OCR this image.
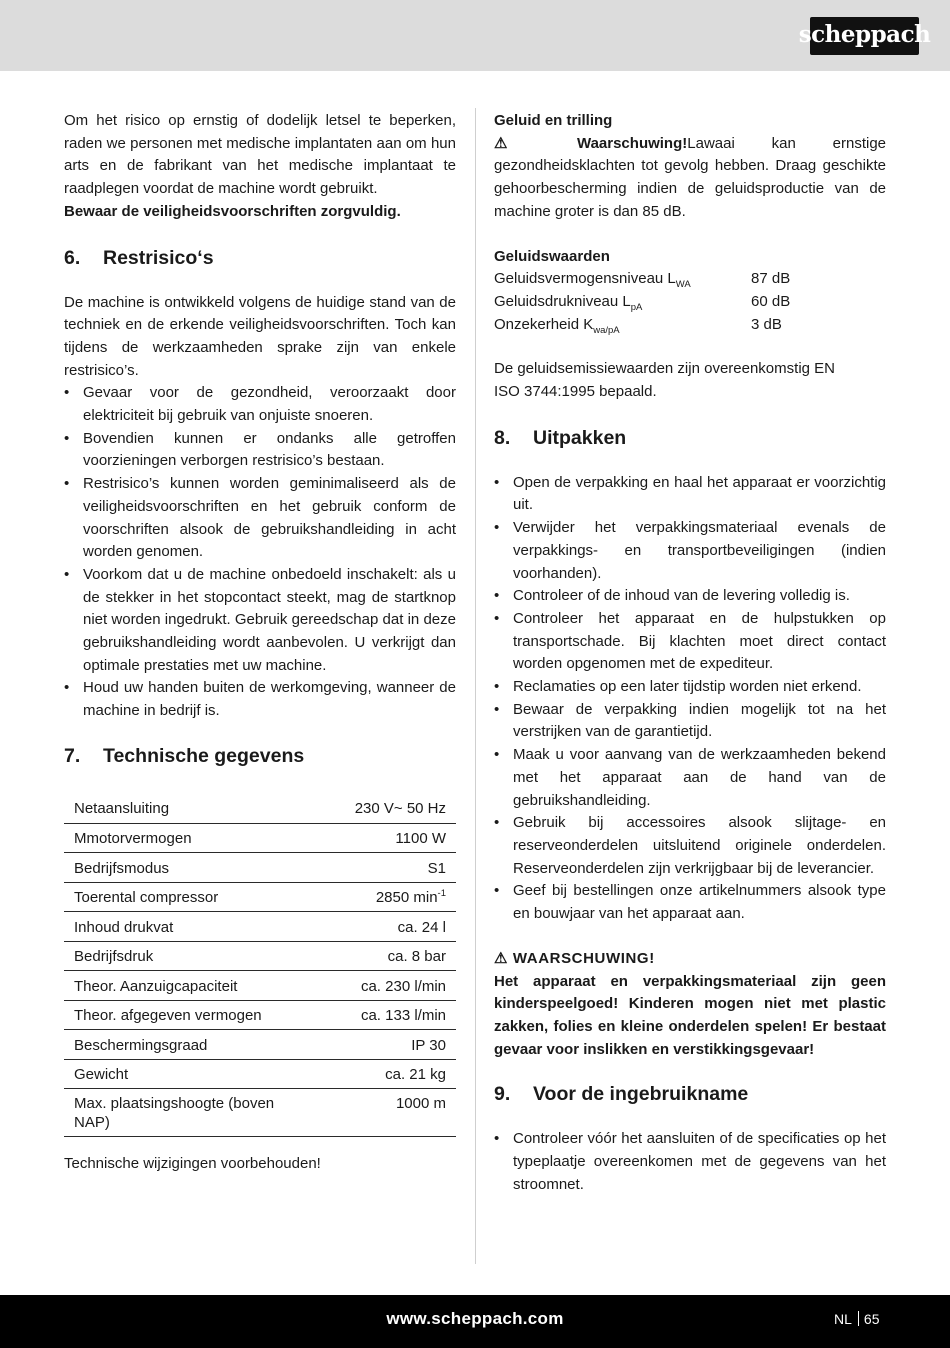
scheppach

Om het risico op ernstig of dodelijk letsel te beperken, raden we personen met medische implantaten aan om hun arts en de fabrikant van het medische implantaat te raadplegen voordat de machine wordt gebruikt.

Bewaar de veiligheidsvoorschriften zorgvuldig.

6.	Restrisico‘s

De machine is ontwikkeld volgens de huidige stand van de techniek en de erkende veiligheidsvoorschriften. Toch kan tijdens de werkzaamheden sprake zijn van enkele restrisico’s.

• Gevaar voor de gezondheid, veroorzaakt door elektriciteit bij gebruik van onjuiste snoeren.
• Bovendien kunnen er ondanks alle getroffen voorzieningen verborgen restrisico’s bestaan.
• Restrisico’s kunnen worden geminimaliseerd als de veiligheidsvoorschriften en het gebruik conform de voorschriften alsook de gebruikshandleiding in acht worden genomen.
• Voorkom dat u de machine onbedoeld inschakelt: als u de stekker in het stopcontact steekt, mag de startknop niet worden ingedrukt. Gebruik gereedschap dat in deze gebruikshandleiding wordt aanbevolen. U verkrijgt dan optimale prestaties met uw machine.
• Houd uw handen buiten de werkomgeving, wanneer de machine in bedrijf is.
7.	Technische gegevens
Netaansluiting	230 V~ 50 Hz
Mmotorvermogen	1100 W
Bedrijfsmodus	S1
Toerental compressor	2850 $\min^{-1}$
Inhoud drukvat	ca. 24 l
Bedrijfsdruk	ca. 8 bar
Theor. Aanzuigcapaciteit	ca. 230 l/min
Theor. afgegeven vermogen	ca. 133 l/min
Beschermingsgraad	IP 30
Gewicht	ca. 21 kg
Max. plaatsingshoogte (boven NAP)	1000 m

Technische wijzigingen voorbehouden!

Geluid en trilling

⚠ Waarschuwing!Lawaai kan ernstige gezondheidsklachten tot gevolg hebben. Draag geschikte gehoorbescherming indien de geluidsproductie van de machine groter is dan 85 dB.

Geluidswaarden

Geluidsvermogensniveau $L_{WA}$	87 dB
Geluidsdrukniveau $L_{pA}$	60 dB
Onzekerheid $K_{wa/pA}$	3 dB

De geluidsemissiewaarden zijn overeenkomstig EN ISO 3744:1995 bepaald.

8.	Uitpakken
• Open de verpakking en haal het apparaat er voorzichtig uit.
• Verwijder het verpakkingsmateriaal evenals de verpakkings- en transportbeveiligingen (indien voorhanden).
• Controleer of de inhoud van de levering volledig is.
• Controleer het apparaat en de hulpstukken op transportschade. Bij klachten moet direct contact worden opgenomen met de expediteur.
• Reclamaties op een later tijdstip worden niet erkend.
• Bewaar de verpakking indien mogelijk tot na het verstrijken van de garantietijd.
• Maak u voor aanvang van de werkzaamheden bekend met het apparaat aan de hand van de gebruikshandleiding.
• Gebruik bij accessoires alsook slijtage- en reserveonderdelen uitsluitend originele onderdelen. Reserveonderdelen zijn verkrijgbaar bij de leverancier.
• Geef bij bestellingen onze artikelnummers alsook type en bouwjaar van het apparaat aan.

⚠ WAARSCHUWING!

Het apparaat en verpakkingsmateriaal zijn geen kinderspeelgoed! Kinderen mogen niet met plastic zakken, folies en kleine onderdelen spelen! Er bestaat gevaar voor inslikken en verstikkingsgevaar!

9.	Voor de ingebruikname
• Controleer vóór het aansluiten of de specificaties op het typeplaatje overeenkomen met de gegevens van het stroomnet.
www.scheppach.com	NL 65
